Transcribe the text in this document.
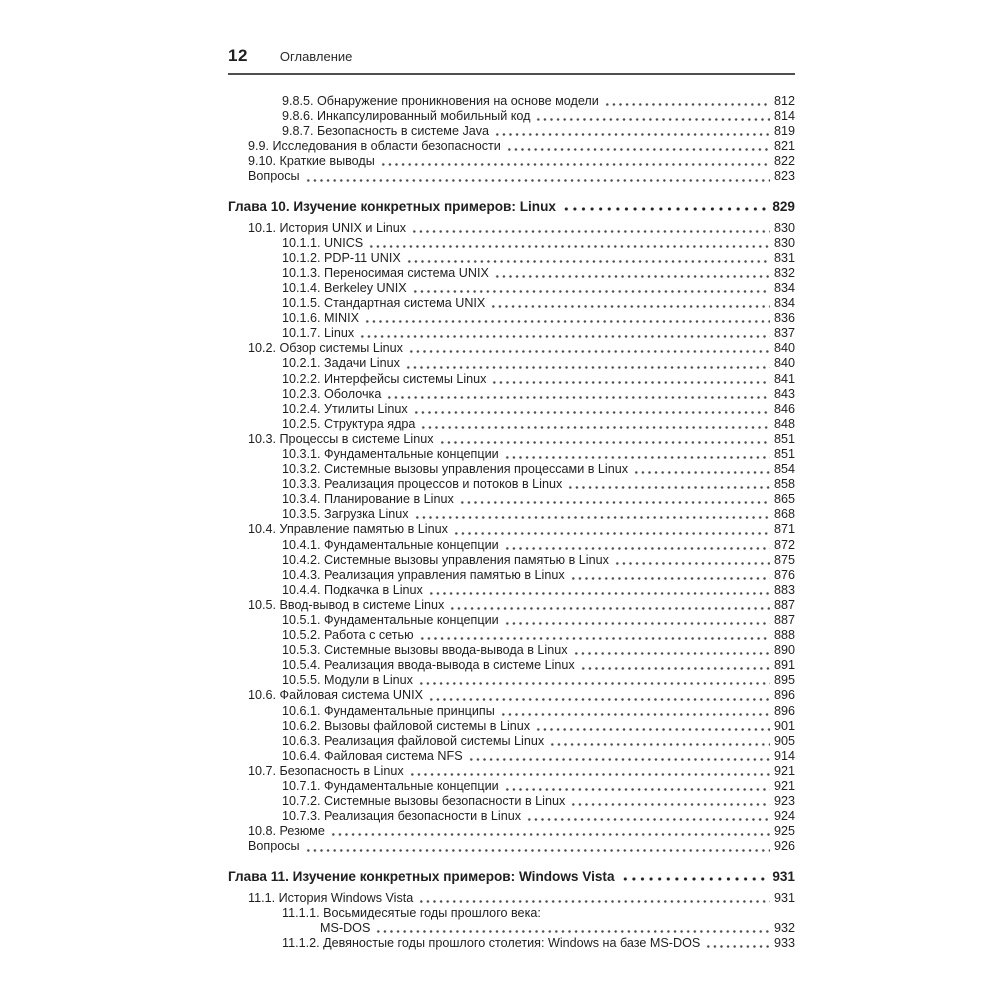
12 Оглавление
9.8.5. Обнаружение проникновения на основе модели	812
9.8.6. Инкапсулированный мобильный код	814
9.8.7. Безопасность в системе Java	819
9.9. Исследования в области безопасности	821
9.10. Краткие выводы	822
Вопросы	823
Глава 10. Изучение конкретных примеров: Linux	829
10.1. История UNIX и Linux	830
10.1.1. UNICS	830
10.1.2. PDP-11 UNIX	831
10.1.3. Переносимая система UNIX	832
10.1.4. Berkeley UNIX	834
10.1.5. Стандартная система UNIX	834
10.1.6. MINIX	836
10.1.7. Linux	837
10.2. Обзор системы Linux	840
10.2.1. Задачи Linux	840
10.2.2. Интерфейсы системы Linux	841
10.2.3. Оболочка	843
10.2.4. Утилиты Linux	846
10.2.5. Структура ядра	848
10.3. Процессы в системе Linux	851
10.3.1. Фундаментальные концепции	851
10.3.2. Системные вызовы управления процессами в Linux	854
10.3.3. Реализация процессов и потоков в Linux	858
10.3.4. Планирование в Linux	865
10.3.5. Загрузка Linux	868
10.4. Управление памятью в Linux	871
10.4.1. Фундаментальные концепции	872
10.4.2. Системные вызовы управления памятью в Linux	875
10.4.3. Реализация управления памятью в Linux	876
10.4.4. Подкачка в Linux	883
10.5. Ввод-вывод в системе Linux	887
10.5.1. Фундаментальные концепции	887
10.5.2. Работа с сетью	888
10.5.3. Системные вызовы ввода-вывода в Linux	890
10.5.4. Реализация ввода-вывода в системе Linux	891
10.5.5. Модули в Linux	895
10.6. Файловая система UNIX	896
10.6.1. Фундаментальные принципы	896
10.6.2. Вызовы файловой системы в Linux	901
10.6.3. Реализация файловой системы Linux	905
10.6.4. Файловая система NFS	914
10.7. Безопасность в Linux	921
10.7.1. Фундаментальные концепции	921
10.7.2. Системные вызовы безопасности в Linux	923
10.7.3. Реализация безопасности в Linux	924
10.8. Резюме	925
Вопросы	926
Глава 11. Изучение конкретных примеров: Windows Vista	931
11.1. История Windows Vista	931
11.1.1. Восьмидесятые годы прошлого века:
MS-DOS	932
11.1.2. Девяностые годы прошлого столетия: Windows на базе MS-DOS	933
